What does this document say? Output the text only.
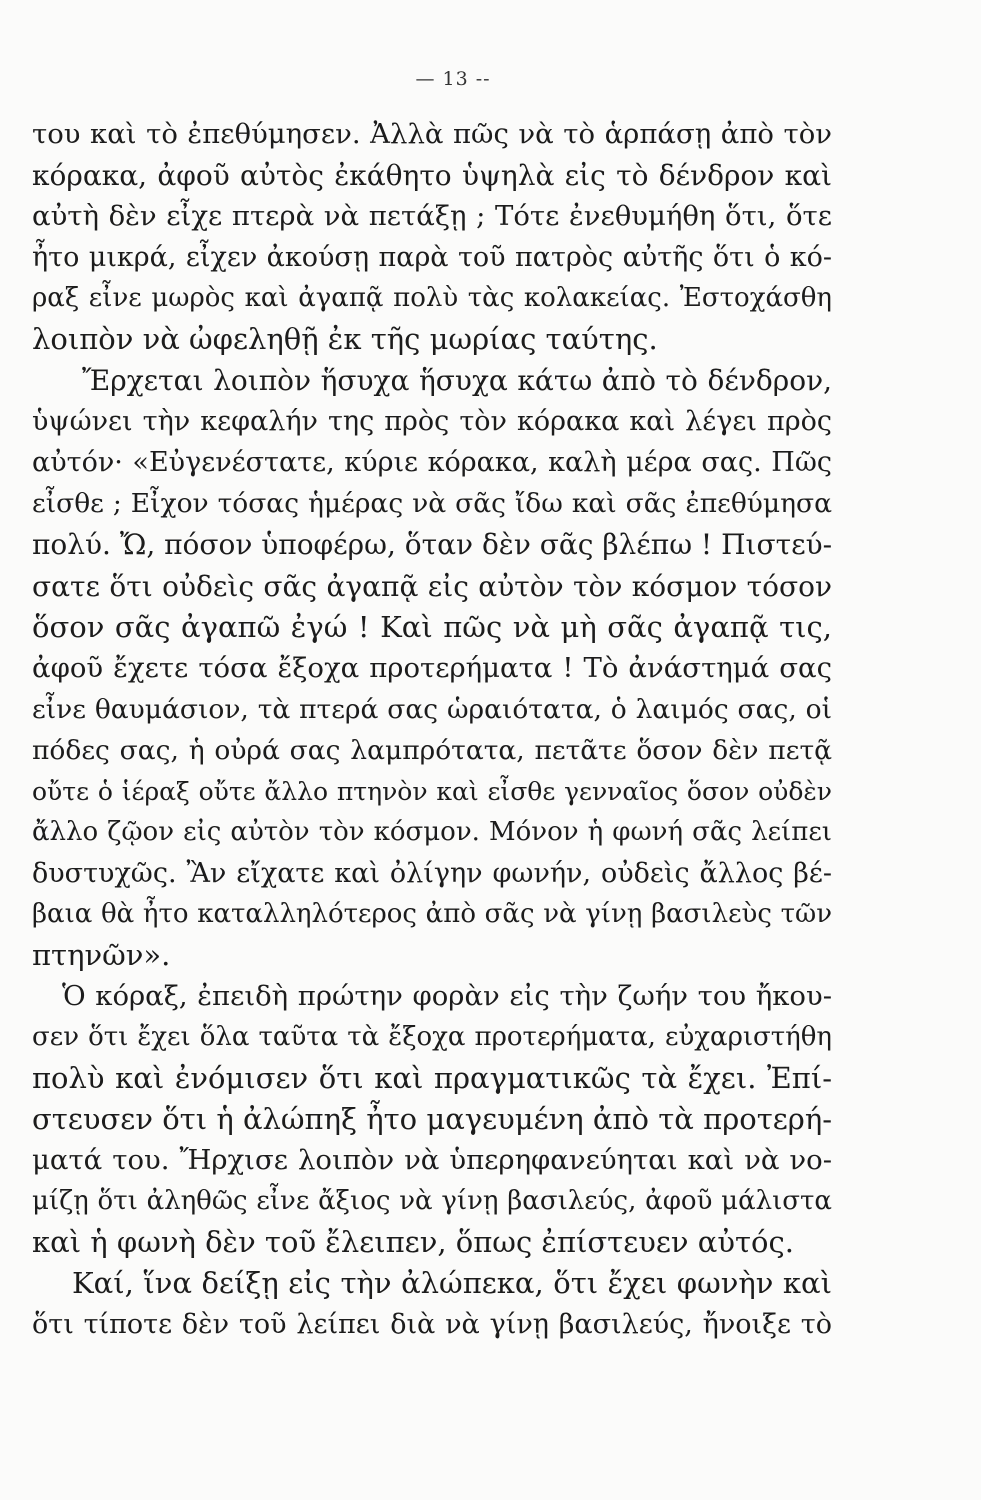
— 13 --
του καὶ τὸ ἐπεθύμησεν. Ἀλλὰ πῶς νὰ τὸ ἁρπάσῃ ἀπὸ τὸν
κόρακα, ἀφοῦ αὐτὸς ἐκάθητο ὑψηλὰ εἰς τὸ δένδρον καὶ
αὐτὴ δὲν εἶχε πτερὰ νὰ πετάξῃ ; Τότε ἐνεθυμήθη ὅτι, ὅτε
ἦτο μικρά, εἶχεν ἀκούσῃ παρὰ τοῦ πατρὸς αὐτῆς ὅτι ὁ κό-
ραξ εἶνε μωρὸς καὶ ἀγαπᾷ πολὺ τὰς κολακείας. Ἐστοχάσθη
λοιπὸν νὰ ὠφεληθῇ ἐκ τῆς μωρίας ταύτης.
Ἔρχεται λοιπὸν ἥσυχα ἥσυχα κάτω ἀπὸ τὸ δένδρον,
ὑψώνει τὴν κεφαλήν της πρὸς τὸν κόρακα καὶ λέγει πρὸς
αὐτόν· «Εὐγενέστατε, κύριε κόρακα, καλὴ μέρα σας. Πῶς
εἶσθε ; Εἶχον τόσας ἡμέρας νὰ σᾶς ἴδω καὶ σᾶς ἐπεθύμησα
πολύ. Ὤ, πόσον ὑποφέρω, ὅταν δὲν σᾶς βλέπω ! Πιστεύ-
σατε ὅτι οὐδεὶς σᾶς ἀγαπᾷ εἰς αὐτὸν τὸν κόσμον τόσον
ὅσον σᾶς ἀγαπῶ ἐγώ ! Καὶ πῶς νὰ μὴ σᾶς ἀγαπᾷ τις,
ἀφοῦ ἔχετε τόσα ἔξοχα προτερήματα ! Τὸ ἀνάστημά σας
εἶνε θαυμάσιον, τὰ πτερά σας ὡραιότατα, ὁ λαιμός σας, οἱ
πόδες σας, ἡ οὐρά σας λαμπρότατα, πετᾶτε ὅσον δὲν πετᾷ
οὔτε ὁ ἱέραξ οὔτε ἄλλο πτηνὸν καὶ εἶσθε γενναῖος ὅσον οὐδὲν
ἄλλο ζῷον εἰς αὐτὸν τὸν κόσμον. Μόνον ἡ φωνή σᾶς λείπει
δυστυχῶς. Ἂν εἴχατε καὶ ὀλίγην φωνήν, οὐδεὶς ἄλλος βέ-
βαια θὰ ἦτο καταλληλότερος ἀπὸ σᾶς νὰ γίνῃ βασιλεὺς τῶν
πτηνῶν».
Ὁ κόραξ, ἐπειδὴ πρώτην φορὰν εἰς τὴν ζωήν του ἤκου-
σεν ὅτι ἔχει ὅλα ταῦτα τὰ ἔξοχα προτερήματα, εὐχαριστήθη
πολὺ καὶ ἐνόμισεν ὅτι καὶ πραγματικῶς τὰ ἔχει. Ἐπί-
στευσεν ὅτι ἡ ἀλώπηξ ἦτο μαγευμένη ἀπὸ τὰ προτερή-
ματά του. Ἤρχισε λοιπὸν νὰ ὑπερηφανεύηται καὶ νὰ νο-
μίζῃ ὅτι ἀληθῶς εἶνε ἄξιος νὰ γίνῃ βασιλεύς, ἀφοῦ μάλιστα
καὶ ἡ φωνὴ δὲν τοῦ ἔλειπεν, ὅπως ἐπίστευεν αὐτός.
Καί, ἵνα δείξῃ εἰς τὴν ἀλώπεκα, ὅτι ἔχει φωνὴν καὶ
ὅτι τίποτε δὲν τοῦ λείπει διὰ νὰ γίνῃ βασιλεύς, ἤνοιξε τὸ
